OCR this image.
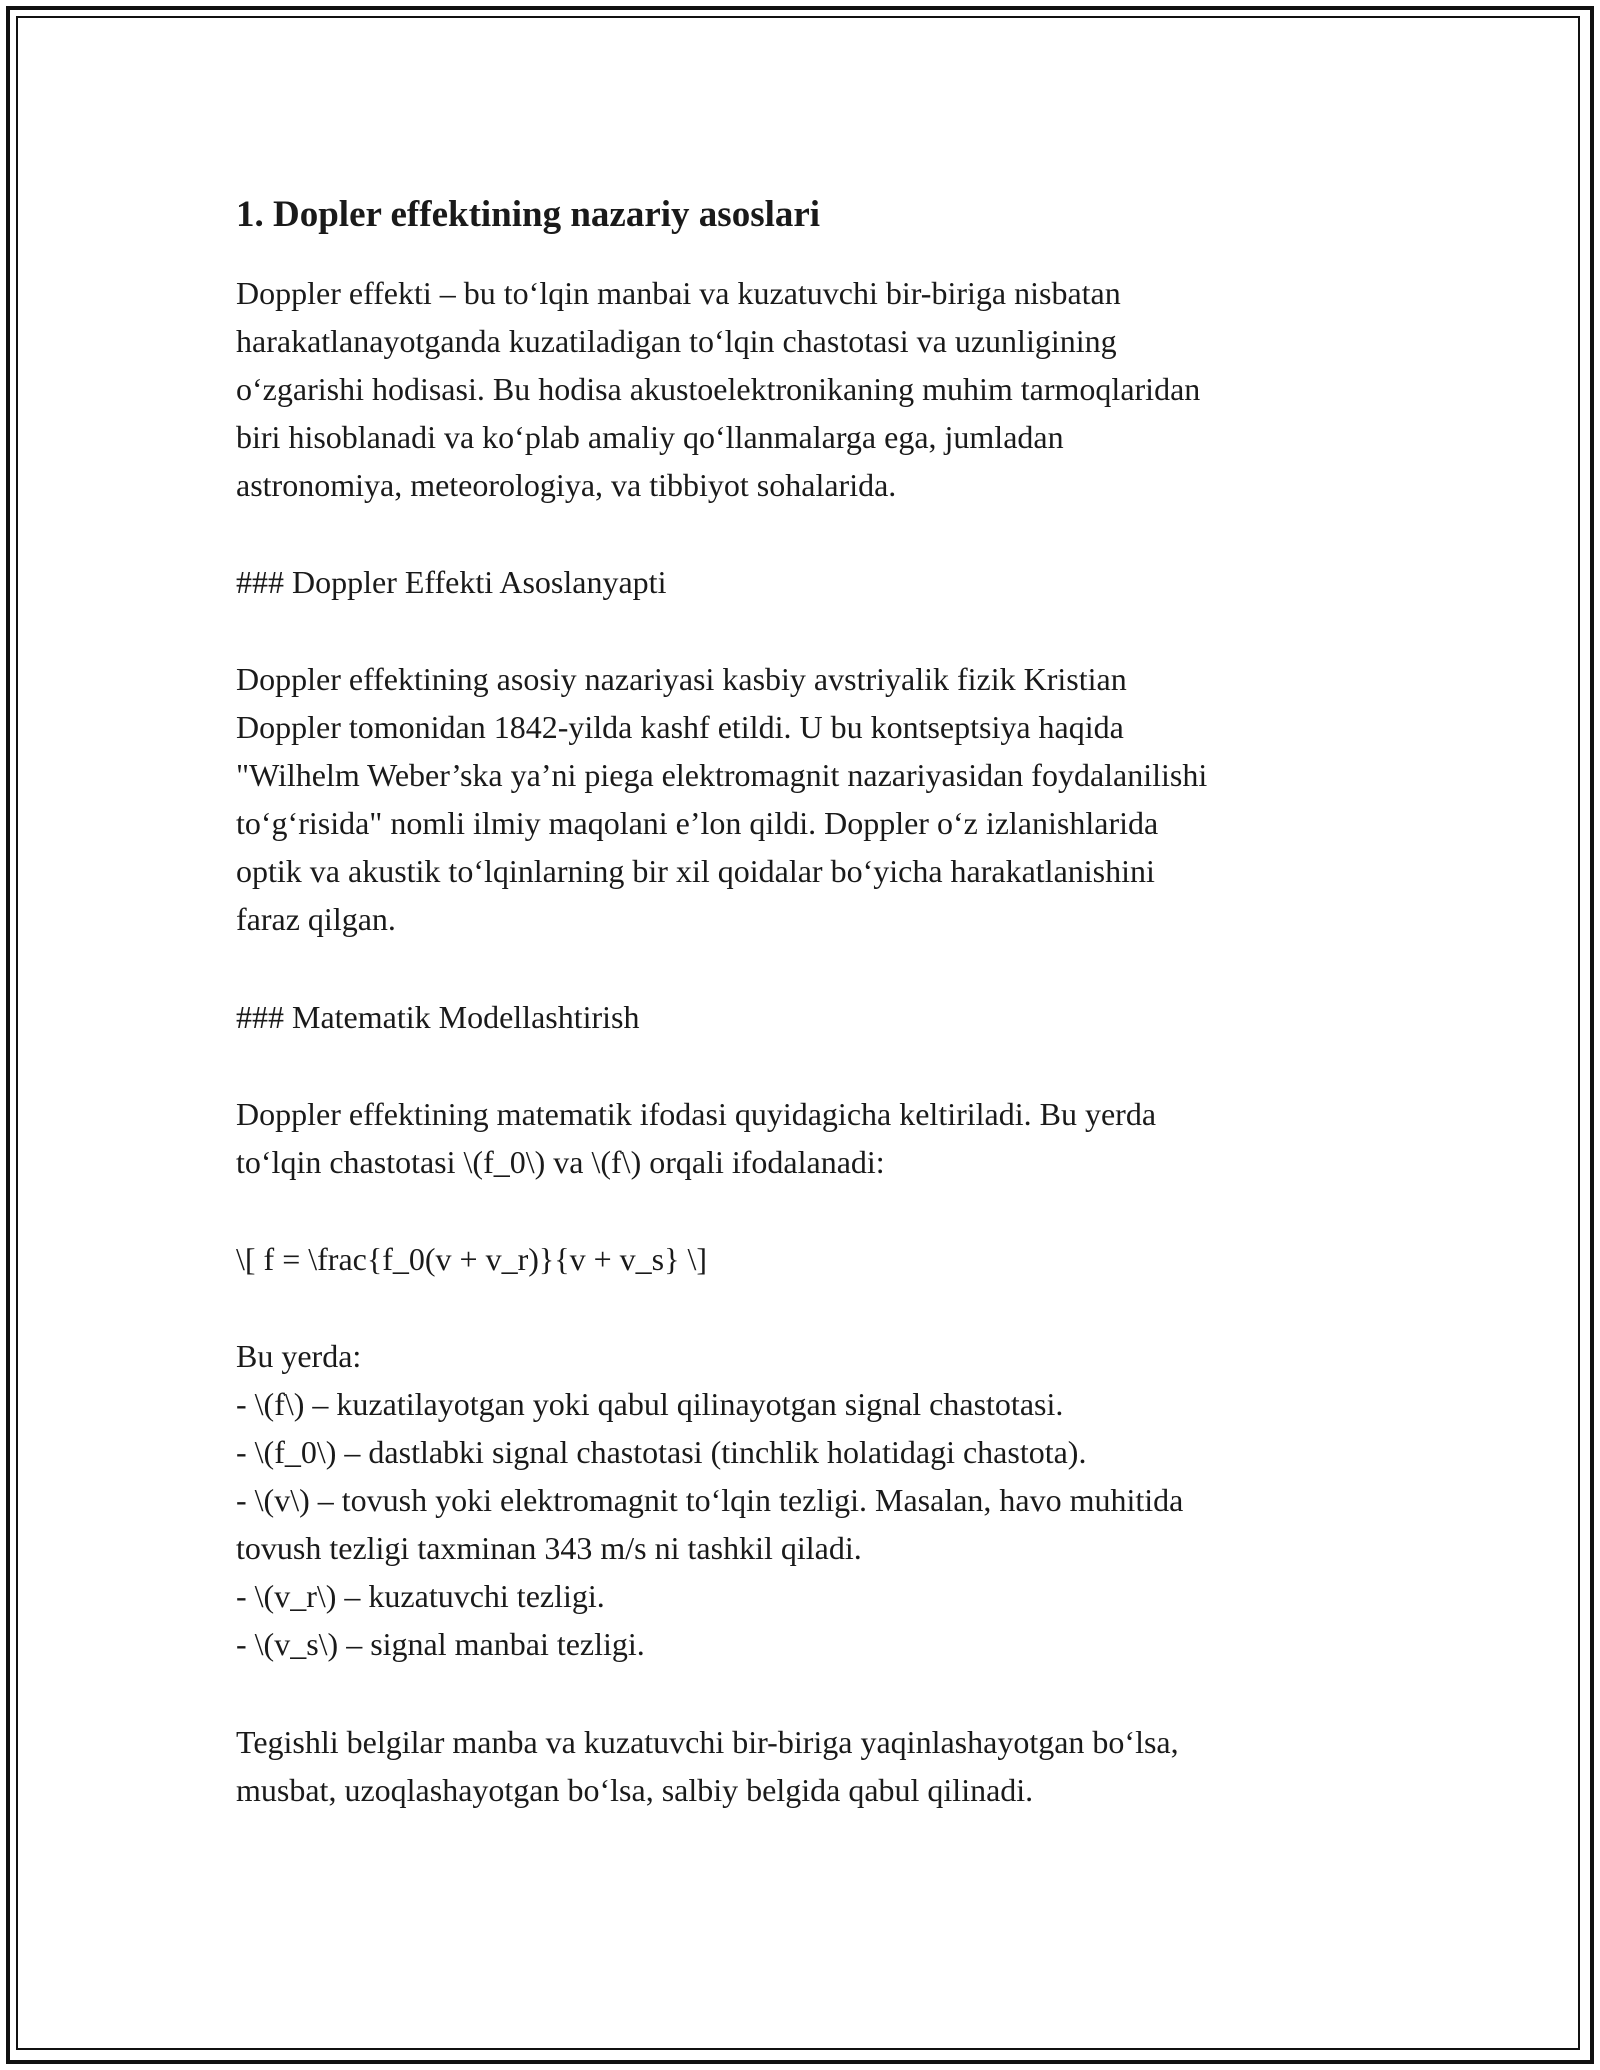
1. Dopler effektining nazariy asoslari

Doppler effekti – bu to‘lqin manbai va kuzatuvchi bir-biriga nisbatan

harakatlanayotganda kuzatiladigan to‘lqin chastotasi va uzunligining

o‘zgarishi hodisasi. Bu hodisa akustoelektronikaning muhim tarmoqlaridan

biri hisoblanadi va ko‘plab amaliy qo‘llanmalarga ega, jumladan

astronomiya, meteorologiya, va tibbiyot sohalarida.

### Doppler Effekti Asoslanyapti

Doppler effektining asosiy nazariyasi kasbiy avstriyalik fizik Kristian

Doppler tomonidan 1842-yilda kashf etildi. U bu kontseptsiya haqida

"Wilhelm Weber’ska ya’ni piega elektromagnit nazariyasidan foydalanilishi

to‘g‘risida" nomli ilmiy maqolani e’lon qildi. Doppler o‘z izlanishlarida

optik va akustik to‘lqinlarning bir xil qoidalar bo‘yicha harakatlanishini

faraz qilgan.

### Matematik Modellashtirish

Doppler effektining matematik ifodasi quyidagicha keltiriladi. Bu yerda

to‘lqin chastotasi \(f_0\) va \(f\) orqali ifodalanadi:

\[ f = \frac{f_0(v + v_r)}{v + v_s} \]

Bu yerda:

- \(f\) – kuzatilayotgan yoki qabul qilinayotgan signal chastotasi.

- \(f_0\) – dastlabki signal chastotasi (tinchlik holatidagi chastota).

- \(v\) – tovush yoki elektromagnit to‘lqin tezligi. Masalan, havo muhitida

tovush tezligi taxminan 343 m/s ni tashkil qiladi.

- \(v_r\) – kuzatuvchi tezligi.

- \(v_s\) – signal manbai tezligi.

Tegishli belgilar manba va kuzatuvchi bir-biriga yaqinlashayotgan bo‘lsa,

musbat, uzoqlashayotgan bo‘lsa, salbiy belgida qabul qilinadi.
